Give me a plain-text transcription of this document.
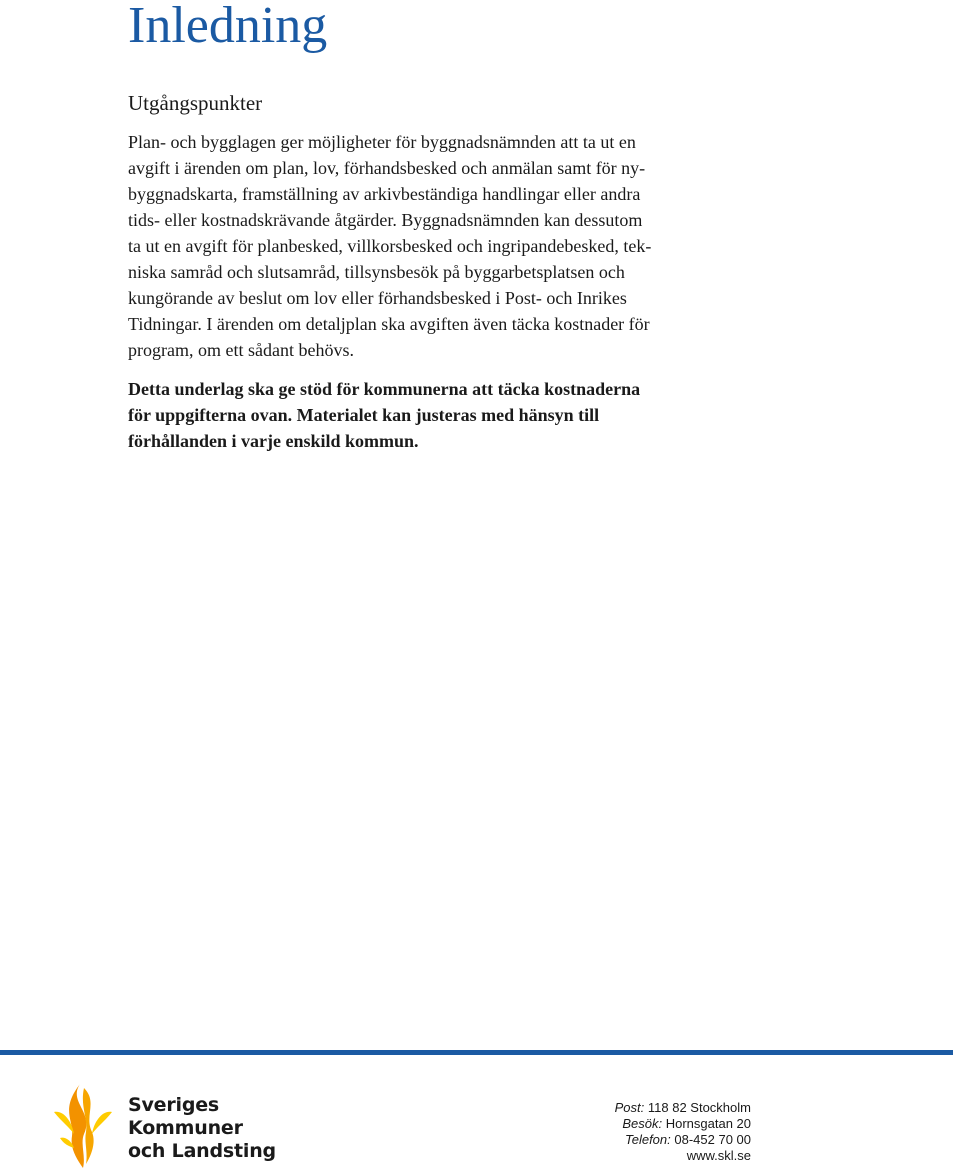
Inledning
Utgångspunkter

Plan- och bygglagen ger möjligheter för byggnadsnämnden att ta ut en
avgift i ärenden om plan, lov, förhandsbesked och anmälan samt för ny-
byggnadskarta, framställning av arkivbeständiga handlingar eller andra
tids- eller kostnadskrävande åtgärder. Byggnadsnämnden kan dessutom
ta ut en avgift för planbesked, villkorsbesked och ingripandebesked, tek-
niska samråd och slutsamråd, tillsynsbesök på byggarbetsplatsen och
kungörande av beslut om lov eller förhandsbesked i Post- och Inrikes
Tidningar. I ärenden om detaljplan ska avgiften även täcka kostnader för
program, om ett sådant behövs.

Detta underlag ska ge stöd för kommunerna att täcka kostnaderna
för uppgifterna ovan. Materialet kan justeras med hänsyn till
förhållanden i varje enskild kommun.

Sveriges
Kommuner
och Landsting
Post: 118 82 Stockholm
Besök: Hornsgatan 20
Telefon: 08-452 70 00
www.skl.se
